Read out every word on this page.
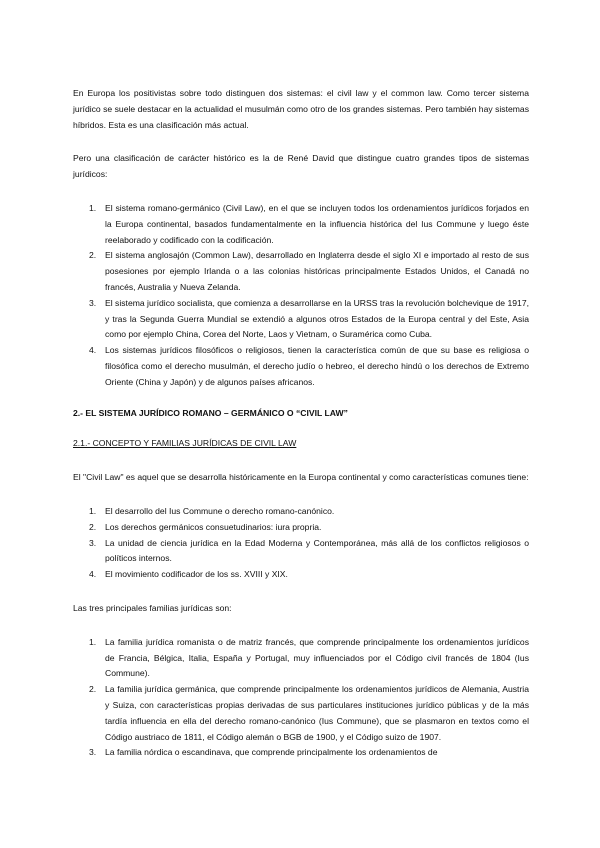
En Europa los positivistas sobre todo distinguen dos sistemas: el civil law y el common law. Como tercer sistema jurídico se suele destacar en la actualidad el musulmán como otro de los grandes sistemas. Pero también hay sistemas híbridos. Esta es una clasificación más actual.

Pero una clasificación de carácter histórico es la de René David que distingue cuatro grandes tipos de sistemas jurídicos:

1. El sistema romano-germánico (Civil Law), en el que se incluyen todos los ordenamientos jurídicos forjados en la Europa continental, basados fundamentalmente en la influencia histórica del Ius Commune y luego éste reelaborado y codificado con la codificación.
2. El sistema anglosajón (Common Law), desarrollado en Inglaterra desde el siglo XI e importado al resto de sus posesiones por ejemplo Irlanda o a las colonias históricas principalmente Estados Unidos, el Canadá no francés, Australia y Nueva Zelanda.
3. El sistema jurídico socialista, que comienza a desarrollarse en la URSS tras la revolución bolchevique de 1917, y tras la Segunda Guerra Mundial se extendió a algunos otros Estados de la Europa central y del Este, Asia como por ejemplo China, Corea del Norte, Laos y Vietnam, o Suramérica como Cuba.
4. Los sistemas jurídicos filosóficos o religiosos, tienen la característica común de que su base es religiosa o filosófica como el derecho musulmán, el derecho judío o hebreo, el derecho hindú o los derechos de Extremo Oriente (China y Japón) y de algunos países africanos.

2.- EL SISTEMA JURÍDICO ROMANO – GERMÁNICO O “CIVIL LAW”

2.1.- CONCEPTO Y FAMILIAS JURÍDICAS DE CIVIL LAW

El "Civil Law" es aquel que se desarrolla históricamente en la Europa continental y como características comunes tiene:

1. El desarrollo del Ius Commune o derecho romano-canónico.
2. Los derechos germánicos consuetudinarios: iura propria.
3. La unidad de ciencia jurídica en la Edad Moderna y Contemporánea, más allá de los conflictos religiosos o políticos internos.
4. El movimiento codificador de los ss. XVIII y XIX.

Las tres principales familias jurídicas son:

1. La familia jurídica romanista o de matriz francés, que comprende principalmente los ordenamientos jurídicos de Francia, Bélgica, Italia, España y Portugal, muy influenciados por el Código civil francés de 1804 (Ius Commune).
2. La familia jurídica germánica, que comprende principalmente los ordenamientos jurídicos de Alemania, Austria y Suiza, con características propias derivadas de sus particulares instituciones jurídico públicas y de la más tardía influencia en ella del derecho romano-canónico (Ius Commune), que se plasmaron en textos como el Código austriaco de 1811, el Código alemán o BGB de 1900, y el Código suizo de 1907.
3. La familia nórdica o escandinava, que comprende principalmente los ordenamientos de
